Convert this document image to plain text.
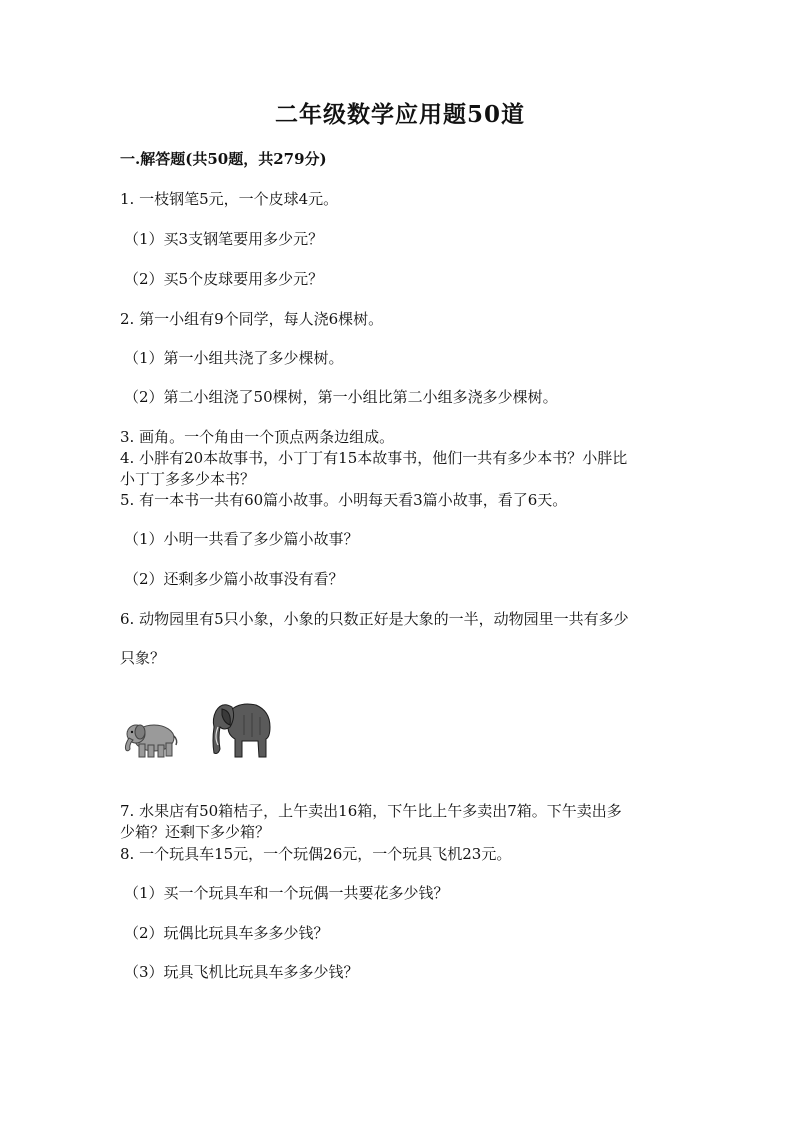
二年级数学应用题50道
一.解答题(共50题，共279分)
1. 一枝钢笔5元，一个皮球4元。
（1）买3支钢笔要用多少元？
（2）买5个皮球要用多少元？
2. 第一小组有9个同学，每人浇6棵树。
（1）第一小组共浇了多少棵树。
（2）第二小组浇了50棵树，第一小组比第二小组多浇多少棵树。
3. 画角。一个角由一个顶点两条边组成。
4. 小胖有20本故事书，小丁丁有15本故事书，他们一共有多少本书？小胖比
小丁丁多多少本书？
5. 有一本书一共有60篇小故事。小明每天看3篇小故事，看了6天。
（1）小明一共看了多少篇小故事？
（2）还剩多少篇小故事没有看？
6. 动物园里有5只小象，小象的只数正好是大象的一半，动物园里一共有多少
只象？
7. 水果店有50箱桔子，上午卖出16箱，下午比上午多卖出7箱。下午卖出多
少箱？还剩下多少箱？
8. 一个玩具车15元，一个玩偶26元，一个玩具飞机23元。
（1）买一个玩具车和一个玩偶一共要花多少钱？
（2）玩偶比玩具车多多少钱？
（3）玩具飞机比玩具车多多少钱？
